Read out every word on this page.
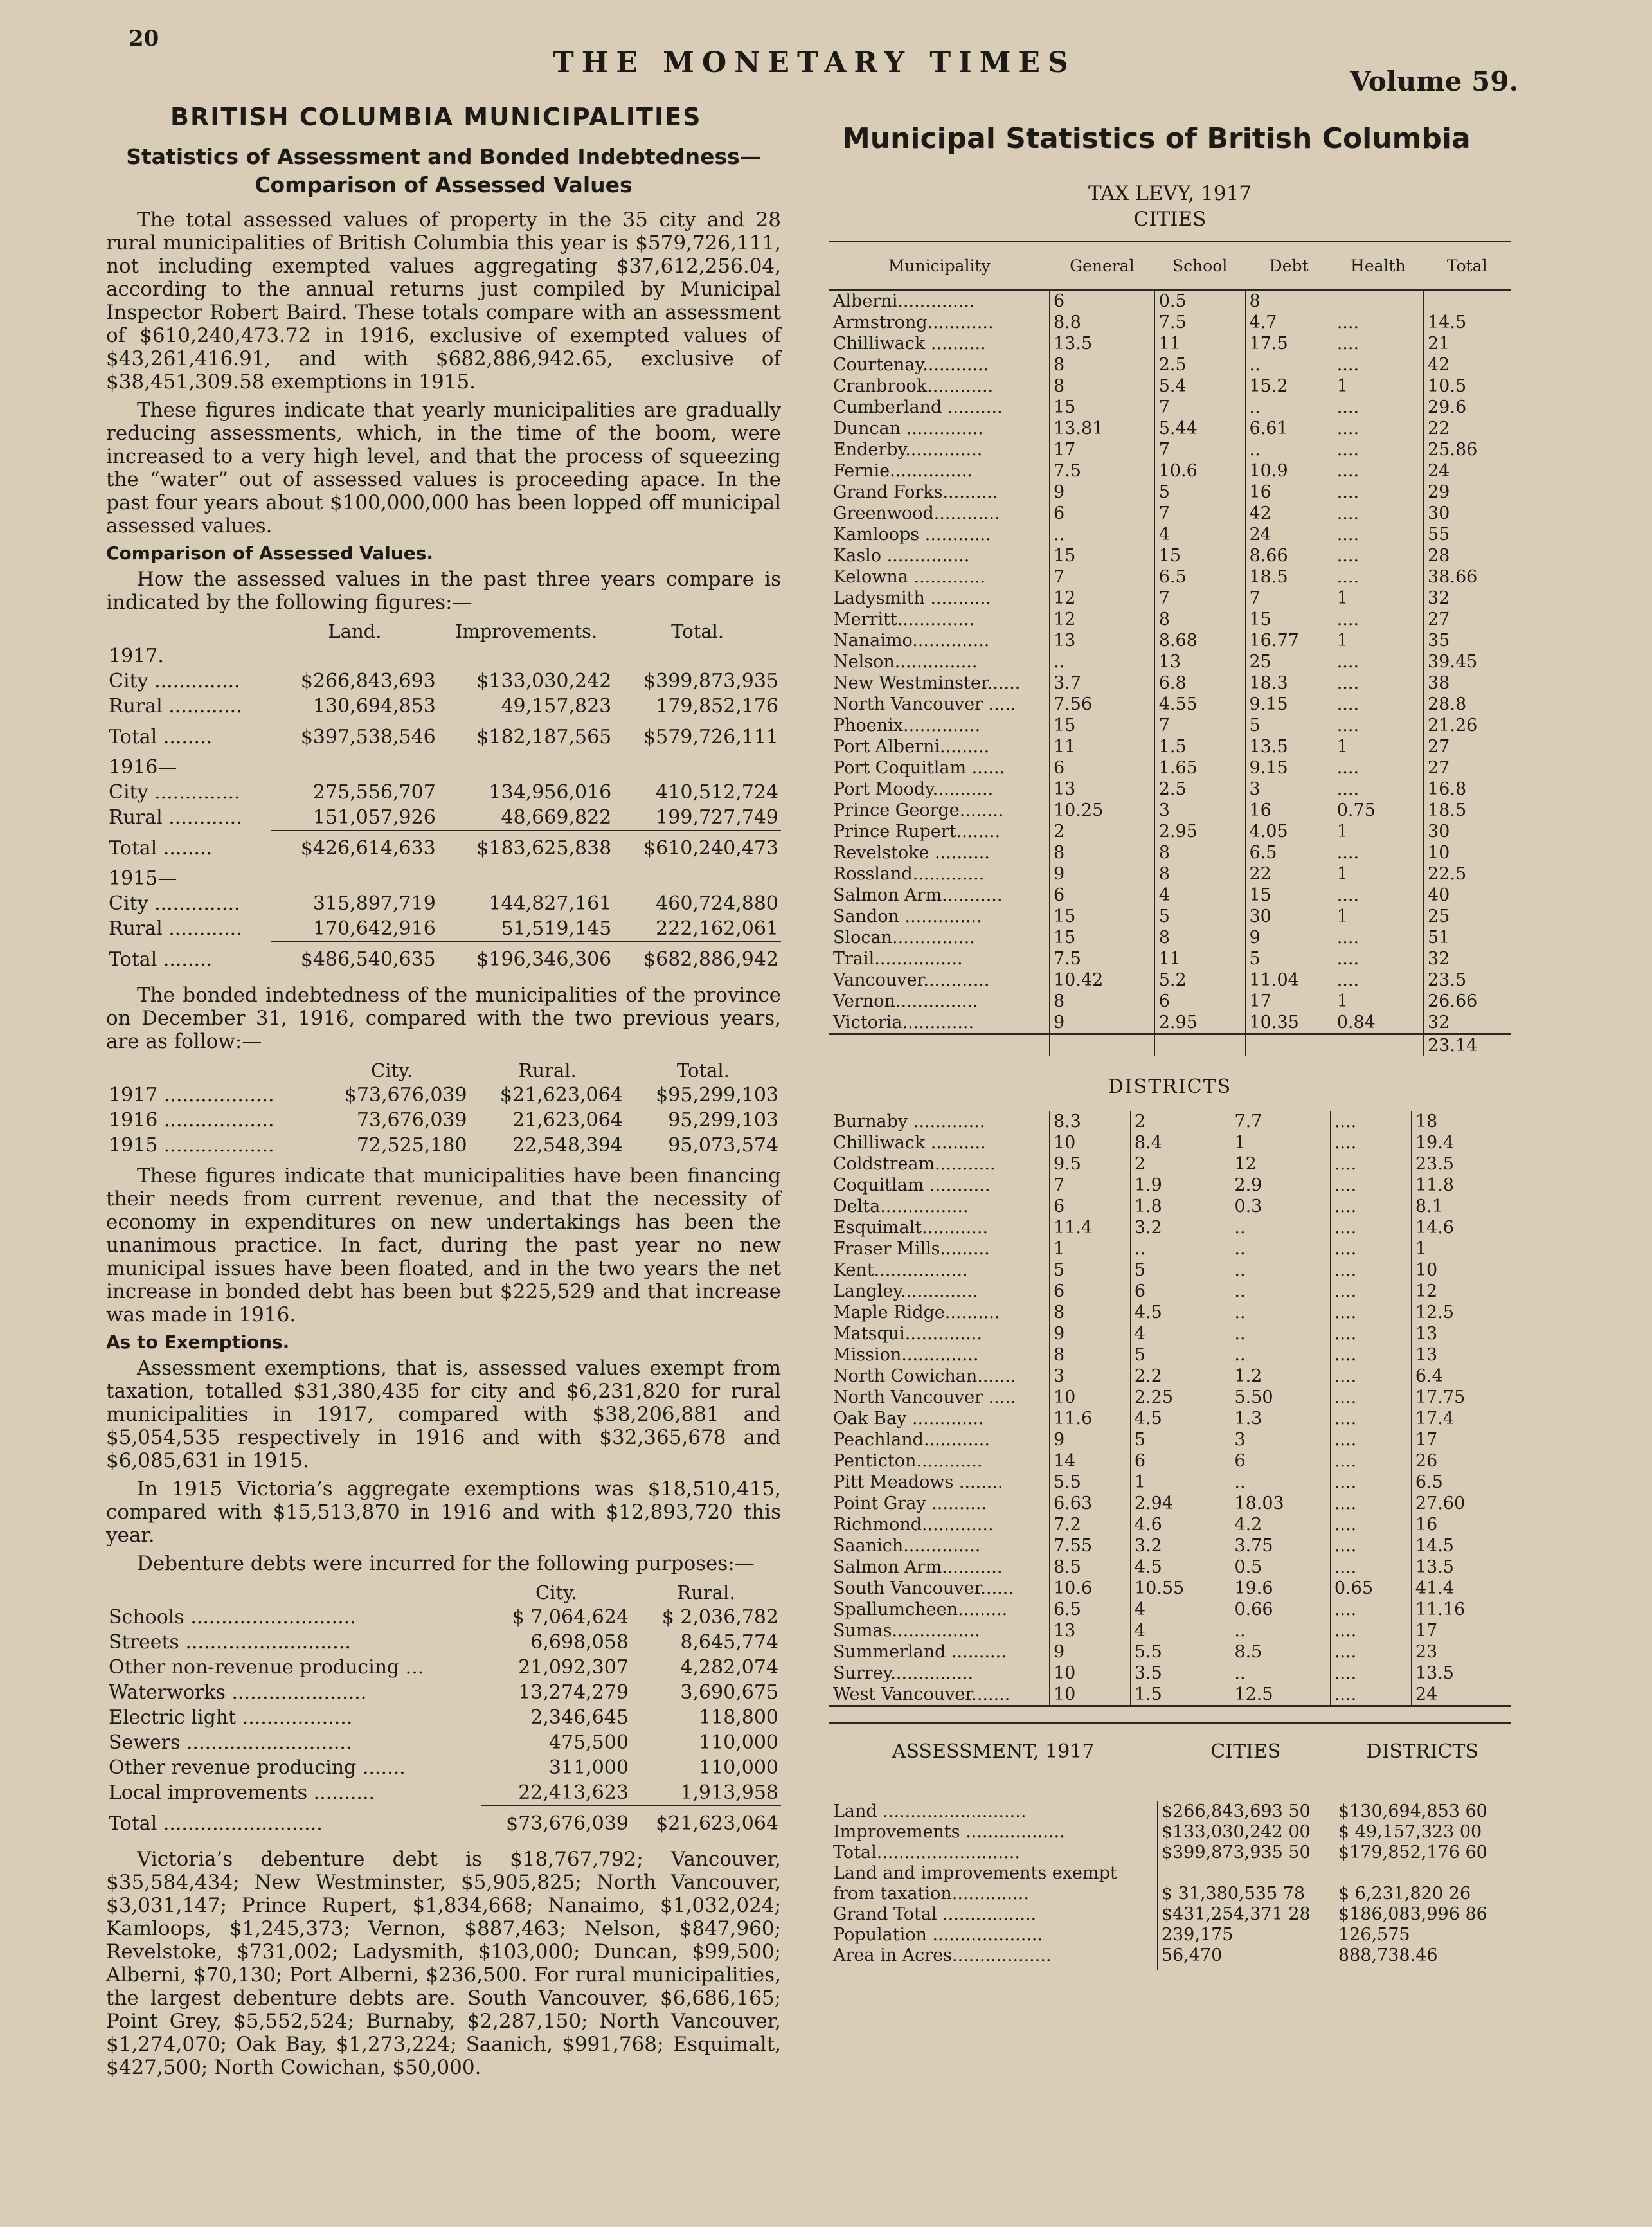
20
THE MONETARY TIMES
Volume 59.
BRITISH COLUMBIA MUNICIPALITIES
Statistics of Assessment and Bonded Indebtedness—Comparison of Assessed Values

The total assessed values of property in the 35 city and 28 rural municipalities of British Columbia this year is $579,726,111, not including exempted values aggregating $37,612,256.04, according to the annual returns just compiled by Municipal Inspector Robert Baird. These totals compare with an assessment of $610,240,473.72 in 1916, exclusive of exempted values of $43,261,416.91, and with $682,886,942.65, exclusive of $38,451,309.58 exemptions in 1915.

These figures indicate that yearly municipalities are gradually reducing assessments, which, in the time of the boom, were increased to a very high level, and that the process of squeezing the “water” out of assessed values is proceeding apace. In the past four years about $100,000,000 has been lopped off municipal assessed values.

Comparison of Assessed Values.

How the assessed values in the past three years compare is indicated by the following figures:—

	Land.	Improvements.	Total.
1917.			
City ..............	$266,843,693	$133,030,242	$399,873,935
Rural ............	130,694,853	49,157,823	179,852,176
Total ........	$397,538,546	$182,187,565	$579,726,111
1916—			
City ..............	275,556,707	134,956,016	410,512,724
Rural ............	151,057,926	48,669,822	199,727,749
Total ........	$426,614,633	$183,625,838	$610,240,473
1915—			
City ..............	315,897,719	144,827,161	460,724,880
Rural ............	170,642,916	51,519,145	222,162,061
Total ........	$486,540,635	$196,346,306	$682,886,942

The bonded indebtedness of the municipalities of the province on December 31, 1916, compared with the two previous years, are as follow:—

	City.	Rural.	Total.
1917 ..................	$73,676,039	$21,623,064	$95,299,103
1916 ..................	73,676,039	21,623,064	95,299,103
1915 ..................	72,525,180	22,548,394	95,073,574

These figures indicate that municipalities have been financing their needs from current revenue, and that the necessity of economy in expenditures on new undertakings has been the unanimous practice. In fact, during the past year no new municipal issues have been floated, and in the two years the net increase in bonded debt has been but $225,529 and that increase was made in 1916.

As to Exemptions.

Assessment exemptions, that is, assessed values exempt from taxation, totalled $31,380,435 for city and $6,231,820 for rural municipalities in 1917, compared with $38,206,881 and $5,054,535 respectively in 1916 and with $32,365,678 and $6,085,631 in 1915.

In 1915 Victoria’s aggregate exemptions was $18,510,415, compared with $15,513,870 in 1916 and with $12,893,720 this year.

Debenture debts were incurred for the following purposes:—

	City.	Rural.
Schools ...........................	$ 7,064,624	$ 2,036,782
Streets ...........................	6,698,058	8,645,774
Other non-revenue producing ...	21,092,307	4,282,074
Waterworks ......................	13,274,279	3,690,675
Electric light ..................	2,346,645	118,800
Sewers ...........................	475,500	110,000
Other revenue producing .......	311,000	110,000
Local improvements ..........	22,413,623	1,913,958
Total ..........................	$73,676,039	$21,623,064

Victoria’s debenture debt is $18,767,792; Vancouver, $35,584,434; New Westminster, $5,905,825; North Vancouver, $3,031,147; Prince Rupert, $1,834,668; Nanaimo, $1,032,024; Kamloops, $1,245,373; Vernon, $887,463; Nelson, $847,960; Revelstoke, $731,002; Ladysmith, $103,000; Duncan, $99,500; Alberni, $70,130; Port Alberni, $236,500. For rural municipalities, the largest debenture debts are. South Vancouver, $6,686,165; Point Grey, $5,552,524; Burnaby, $2,287,150; North Vancouver, $1,274,070; Oak Bay, $1,273,224; Saanich, $991,768; Esquimalt, $427,500; North Cowichan, $50,000.

Municipal Statistics of British Columbia

TAX LEVY, 1917

CITIES

Municipality	General	School	Debt	Health	Total
Alberni..............	6	0.5	8		
Armstrong............	8.8	7.5	4.7	....	14.5
Chilliwack ..........	13.5	11	17.5	....	21
Courtenay............	8	2.5	..	....	42
Cranbrook............	8	5.4	15.2	1	10.5
Cumberland ..........	15	7	..	....	29.6
Duncan ..............	13.81	5.44	6.61	....	22
Enderby..............	17	7	..	....	25.86
Fernie...............	7.5	10.6	10.9	....	24
Grand Forks..........	9	5	16	....	29
Greenwood............	6	7	42	....	30
Kamloops ............	..	4	24	....	55
Kaslo ...............	15	15	8.66	....	28
Kelowna .............	7	6.5	18.5	....	38.66
Ladysmith ...........	12	7	7	1	32
Merritt..............	12	8	15	....	27
Nanaimo..............	13	8.68	16.77	1	35
Nelson...............	..	13	25	....	39.45
New Westminster......	3.7	6.8	18.3	....	38
North Vancouver .....	7.56	4.55	9.15	....	28.8
Phoenix..............	15	7	5	....	21.26
Port Alberni.........	11	1.5	13.5	1	27
Port Coquitlam ......	6	1.65	9.15	....	27
Port Moody...........	13	2.5	3	....	16.8
Prince George........	10.25	3	16	0.75	18.5
Prince Rupert........	2	2.95	4.05	1	30
Revelstoke ..........	8	8	6.5	....	10
Rossland.............	9	8	22	1	22.5
Salmon Arm...........	6	4	15	....	40
Sandon ..............	15	5	30	1	25
Slocan...............	15	8	9	....	51
Trail................	7.5	11	5	....	32
Vancouver............	10.42	5.2	11.04	....	23.5
Vernon...............	8	6	17	1	26.66
Victoria.............	9	2.95	10.35	0.84	32
					23.14
DISTRICTS
Burnaby .............	8.3	2	7.7	....	18
Chilliwack ..........	10	8.4	1	....	19.4
Coldstream...........	9.5	2	12	....	23.5
Coquitlam ...........	7	1.9	2.9	....	11.8
Delta................	6	1.8	0.3	....	8.1
Esquimalt............	11.4	3.2	..	....	14.6
Fraser Mills.........	1	..	..	....	1
Kent.................	5	5	..	....	10
Langley..............	6	6	..	....	12
Maple Ridge..........	8	4.5	..	....	12.5
Matsqui..............	9	4	..	....	13
Mission..............	8	5	..	....	13
North Cowichan.......	3	2.2	1.2	....	6.4
North Vancouver .....	10	2.25	5.50	....	17.75
Oak Bay .............	11.6	4.5	1.3	....	17.4
Peachland............	9	5	3	....	17
Penticton............	14	6	6	....	26
Pitt Meadows ........	5.5	1	..	....	6.5
Point Gray ..........	6.63	2.94	18.03	....	27.60
Richmond.............	7.2	4.6	4.2	....	16
Saanich..............	7.55	3.2	3.75	....	14.5
Salmon Arm...........	8.5	4.5	0.5	....	13.5
South Vancouver......	10.6	10.55	19.6	0.65	41.4
Spallumcheen.........	6.5	4	0.66	....	11.16
Sumas................	13	4	..	....	17
Summerland ..........	9	5.5	8.5	....	23
Surrey...............	10	3.5	..	....	13.5
West Vancouver.......	10	1.5	12.5	....	24
ASSESSMENT, 1917	CITIES	DISTRICTS
Land ..........................	$266,843,693 50	$130,694,853 60
Improvements ..................	$133,030,242 00	$ 49,157,323 00
Total..........................	$399,873,935 50	$179,852,176 60
Land and improvements exempt		
from taxation..............	$ 31,380,535 78	$ 6,231,820 26
Grand Total .................	$431,254,371 28	$186,083,996 86
Population ....................	239,175	126,575
Area in Acres..................	56,470	888,738.46
